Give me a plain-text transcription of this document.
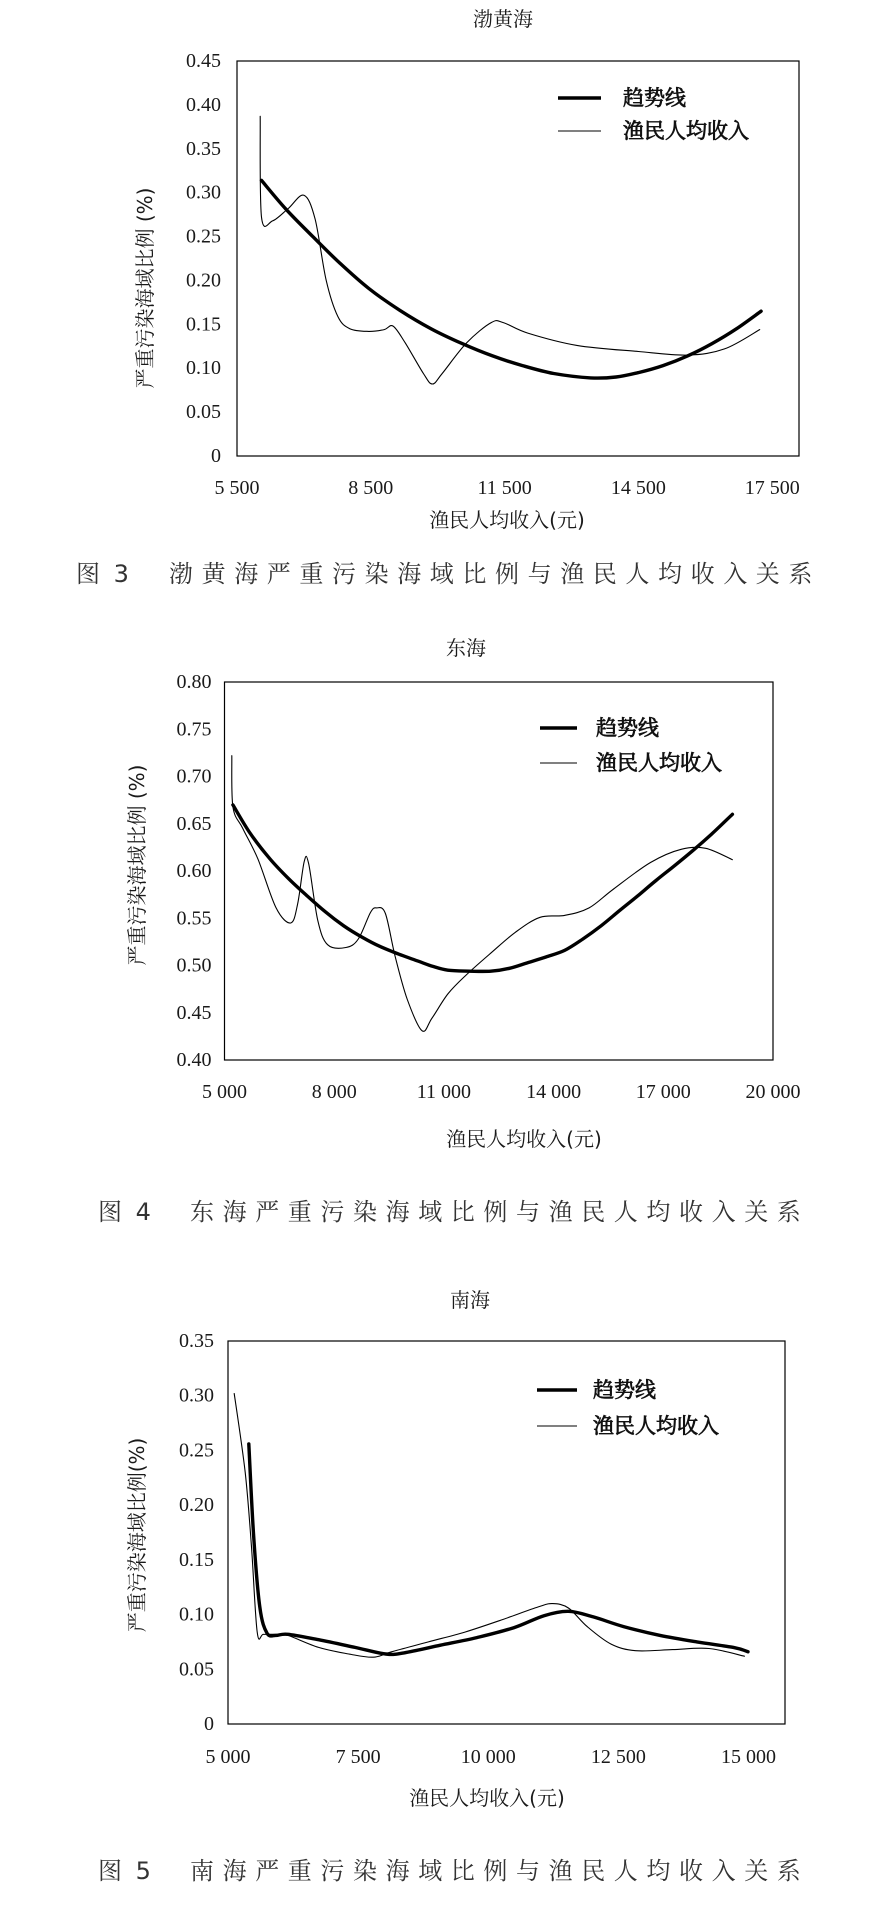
渤黄海
0
0.05
0.10
0.15
0.20
0.25
0.30
0.35
0.40
0.45
5 500	8 500	11 500	14 500	17 500
渔民人均收入(元)
严重污染海域比例 (%)
趋势线
渔民人均收入
图 3 渤黄海严重污染海域比例与渔民人均收入关系
东海
0.40
0.45
0.50
0.55
0.60
0.65
0.70
0.75
0.80
5 000	8 000	11 000	14 000	17 000	20 000
渔民人均收入(元)
严重污染海域比例 (%)
趋势线
渔民人均收入
图 4 东海严重污染海域比例与渔民人均收入关系
南海
0
0.05
0.10
0.15
0.20
0.25
0.30
0.35
5 000	7 500	10 000	12 500	15 000
渔民人均收入(元)
严重污染海域比例(%)
趋势线
渔民人均收入
图 5 南海严重污染海域比例与渔民人均收入关系
